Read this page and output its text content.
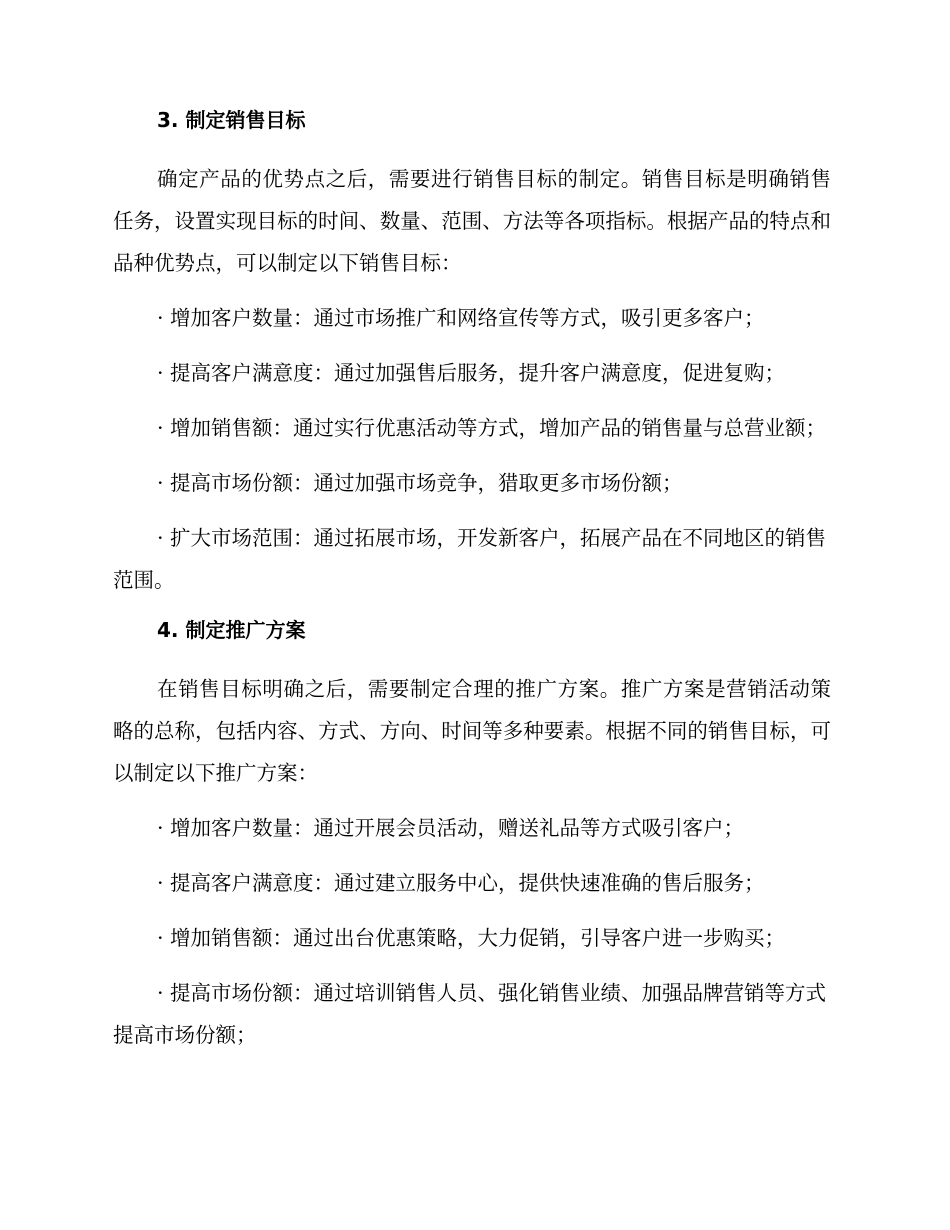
3. 制定销售目标

确定产品的优势点之后，需要进行销售目标的制定。销售目标是明确销售任务，设置实现目标的时间、数量、范围、方法等各项指标。根据产品的特点和品种优势点，可以制定以下销售目标：

· 增加客户数量：通过市场推广和网络宣传等方式，吸引更多客户；

· 提高客户满意度：通过加强售后服务，提升客户满意度，促进复购；

· 增加销售额：通过实行优惠活动等方式，增加产品的销售量与总营业额；

· 提高市场份额：通过加强市场竞争，猎取更多市场份额；

· 扩大市场范围：通过拓展市场，开发新客户，拓展产品在不同地区的销售范围。

4. 制定推广方案

在销售目标明确之后，需要制定合理的推广方案。推广方案是营销活动策略的总称，包括内容、方式、方向、时间等多种要素。根据不同的销售目标，可以制定以下推广方案：

· 增加客户数量：通过开展会员活动，赠送礼品等方式吸引客户；

· 提高客户满意度：通过建立服务中心，提供快速准确的售后服务；

· 增加销售额：通过出台优惠策略，大力促销，引导客户进一步购买；

· 提高市场份额：通过培训销售人员、强化销售业绩、加强品牌营销等方式提高市场份额；
